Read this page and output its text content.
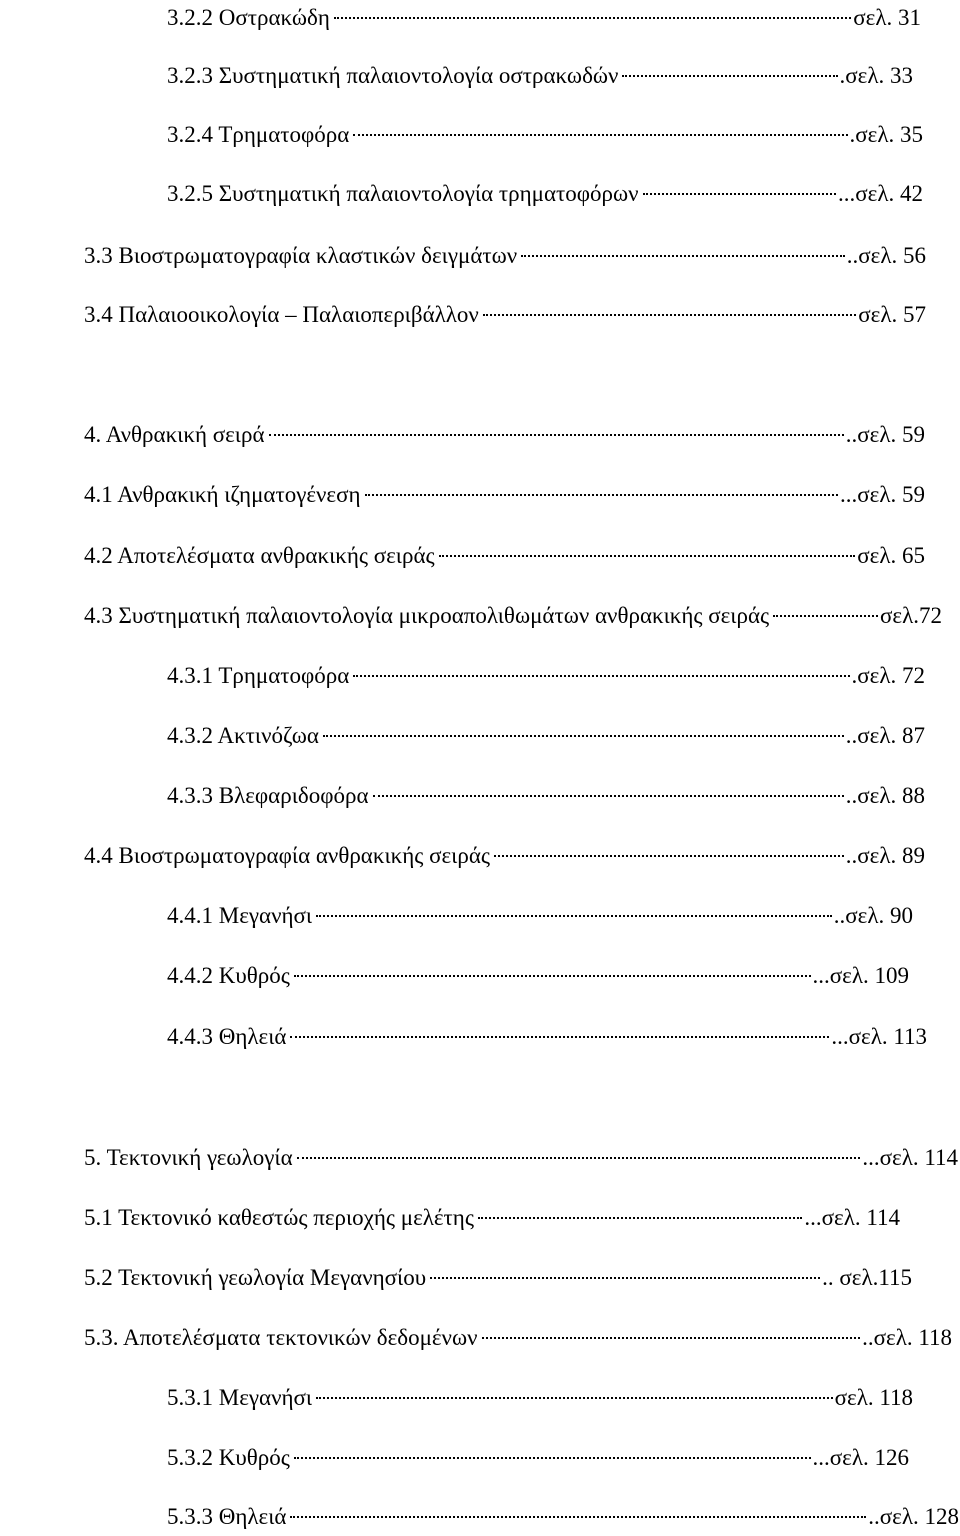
3.2.2 Οστρακώδη	σελ. 31
3.2.3 Συστηματική παλαιοντολογία οστρακωδών	.σελ. 33
3.2.4 Τρηματοφόρα	.σελ. 35
3.2.5 Συστηματική παλαιοντολογία τρηματοφόρων	...σελ. 42
3.3 Βιοστρωματογραφία κλαστικών δειγμάτων	..σελ. 56
3.4 Παλαιοοικολογία – Παλαιοπεριβάλλον	σελ. 57
4. Ανθρακική σειρά	..σελ. 59
4.1 Ανθρακική ιζηματογένεση	...σελ. 59
4.2 Αποτελέσματα ανθρακικής σειράς	σελ. 65
4.3 Συστηματική παλαιοντολογία μικροαπολιθωμάτων ανθρακικής σειράς	σελ.72
4.3.1 Τρηματοφόρα	.σελ. 72
4.3.2 Ακτινόζωα	..σελ. 87
4.3.3 Βλεφαριδοφόρα	..σελ. 88
4.4 Βιοστρωματογραφία ανθρακικής σειράς	..σελ. 89
4.4.1 Μεγανήσι	..σελ. 90
4.4.2 Κυθρός	...σελ. 109
4.4.3 Θηλειά	...σελ. 113
5. Τεκτονική γεωλογία	...σελ. 114
5.1 Τεκτονικό καθεστώς περιοχής μελέτης	...σελ. 114
5.2 Τεκτονική γεωλογία Μεγανησίου	.. σελ.115
5.3. Αποτελέσματα τεκτονικών δεδομένων	..σελ. 118
5.3.1 Μεγανήσι	σελ. 118
5.3.2 Κυθρός	...σελ. 126
5.3.3 Θηλειά	..σελ. 128
